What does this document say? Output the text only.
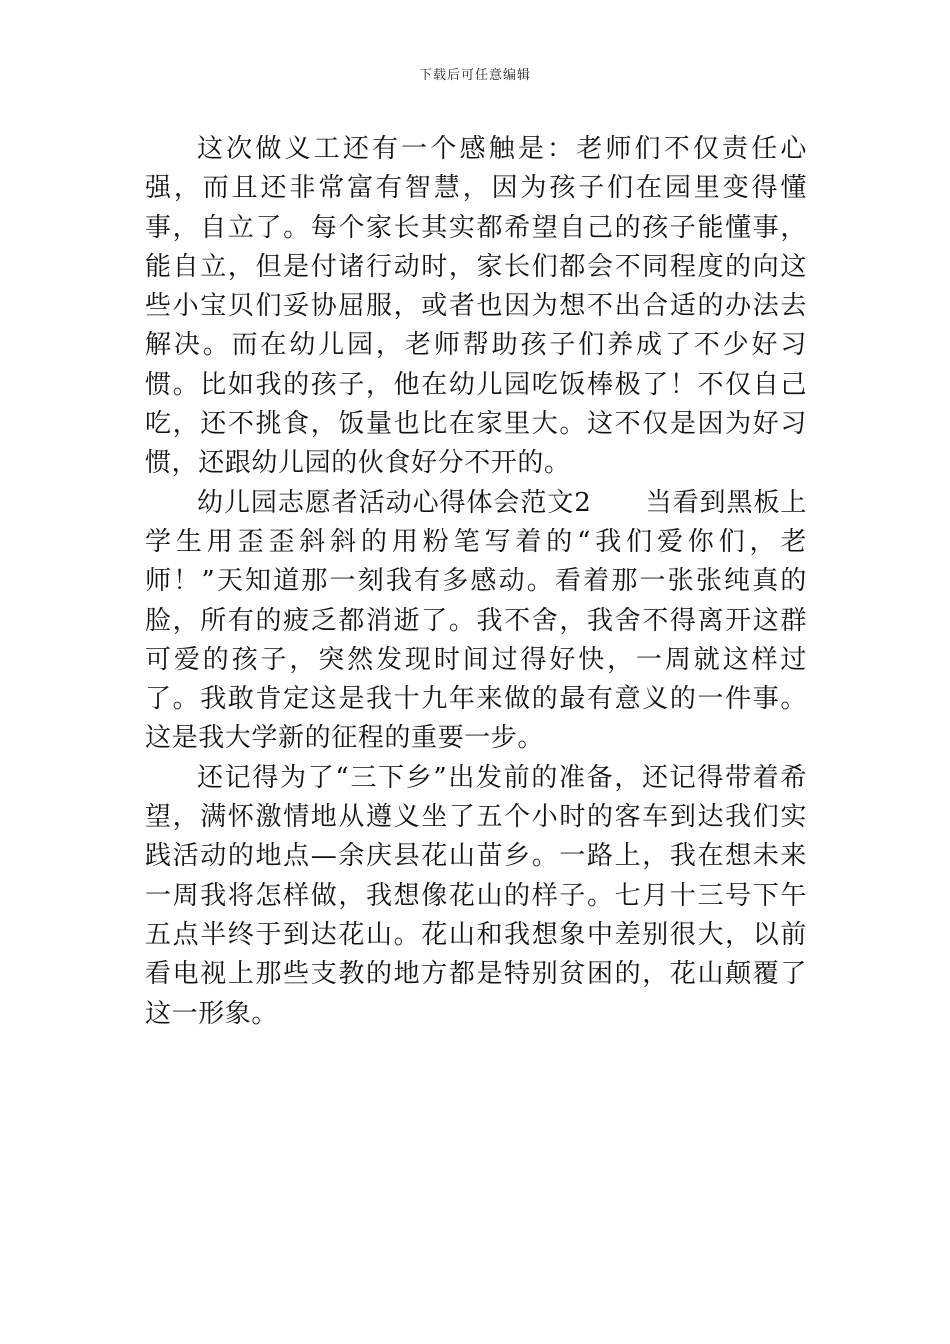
下载后可任意编辑

这次做义工还有一个感触是：老师们不仅责任心强，而且还非常富有智慧，因为孩子们在园里变得懂事，自立了。每个家长其实都希望自己的孩子能懂事，能自立，但是付诸行动时，家长们都会不同程度的向这些小宝贝们妥协屈服，或者也因为想不出合适的办法去解决。而在幼儿园，老师帮助孩子们养成了不少好习惯。比如我的孩子，他在幼儿园吃饭棒极了！不仅自己吃，还不挑食，饭量也比在家里大。这不仅是因为好习惯，还跟幼儿园的伙食好分不开的。

幼儿园志愿者活动心得体会范文2　　当看到黑板上学生用歪歪斜斜的用粉笔写着的“我们爱你们，老师！”天知道那一刻我有多感动。看着那一张张纯真的脸，所有的疲乏都消逝了。我不舍，我舍不得离开这群可爱的孩子，突然发现时间过得好快，一周就这样过了。我敢肯定这是我十九年来做的最有意义的一件事。这是我大学新的征程的重要一步。

还记得为了“三下乡”出发前的准备，还记得带着希望，满怀激情地从遵义坐了五个小时的客车到达我们实践活动的地点—余庆县花山苗乡。一路上，我在想未来一周我将怎样做，我想像花山的样子。七月十三号下午五点半终于到达花山。花山和我想象中差别很大，以前看电视上那些支教的地方都是特别贫困的，花山颠覆了这一形象。
